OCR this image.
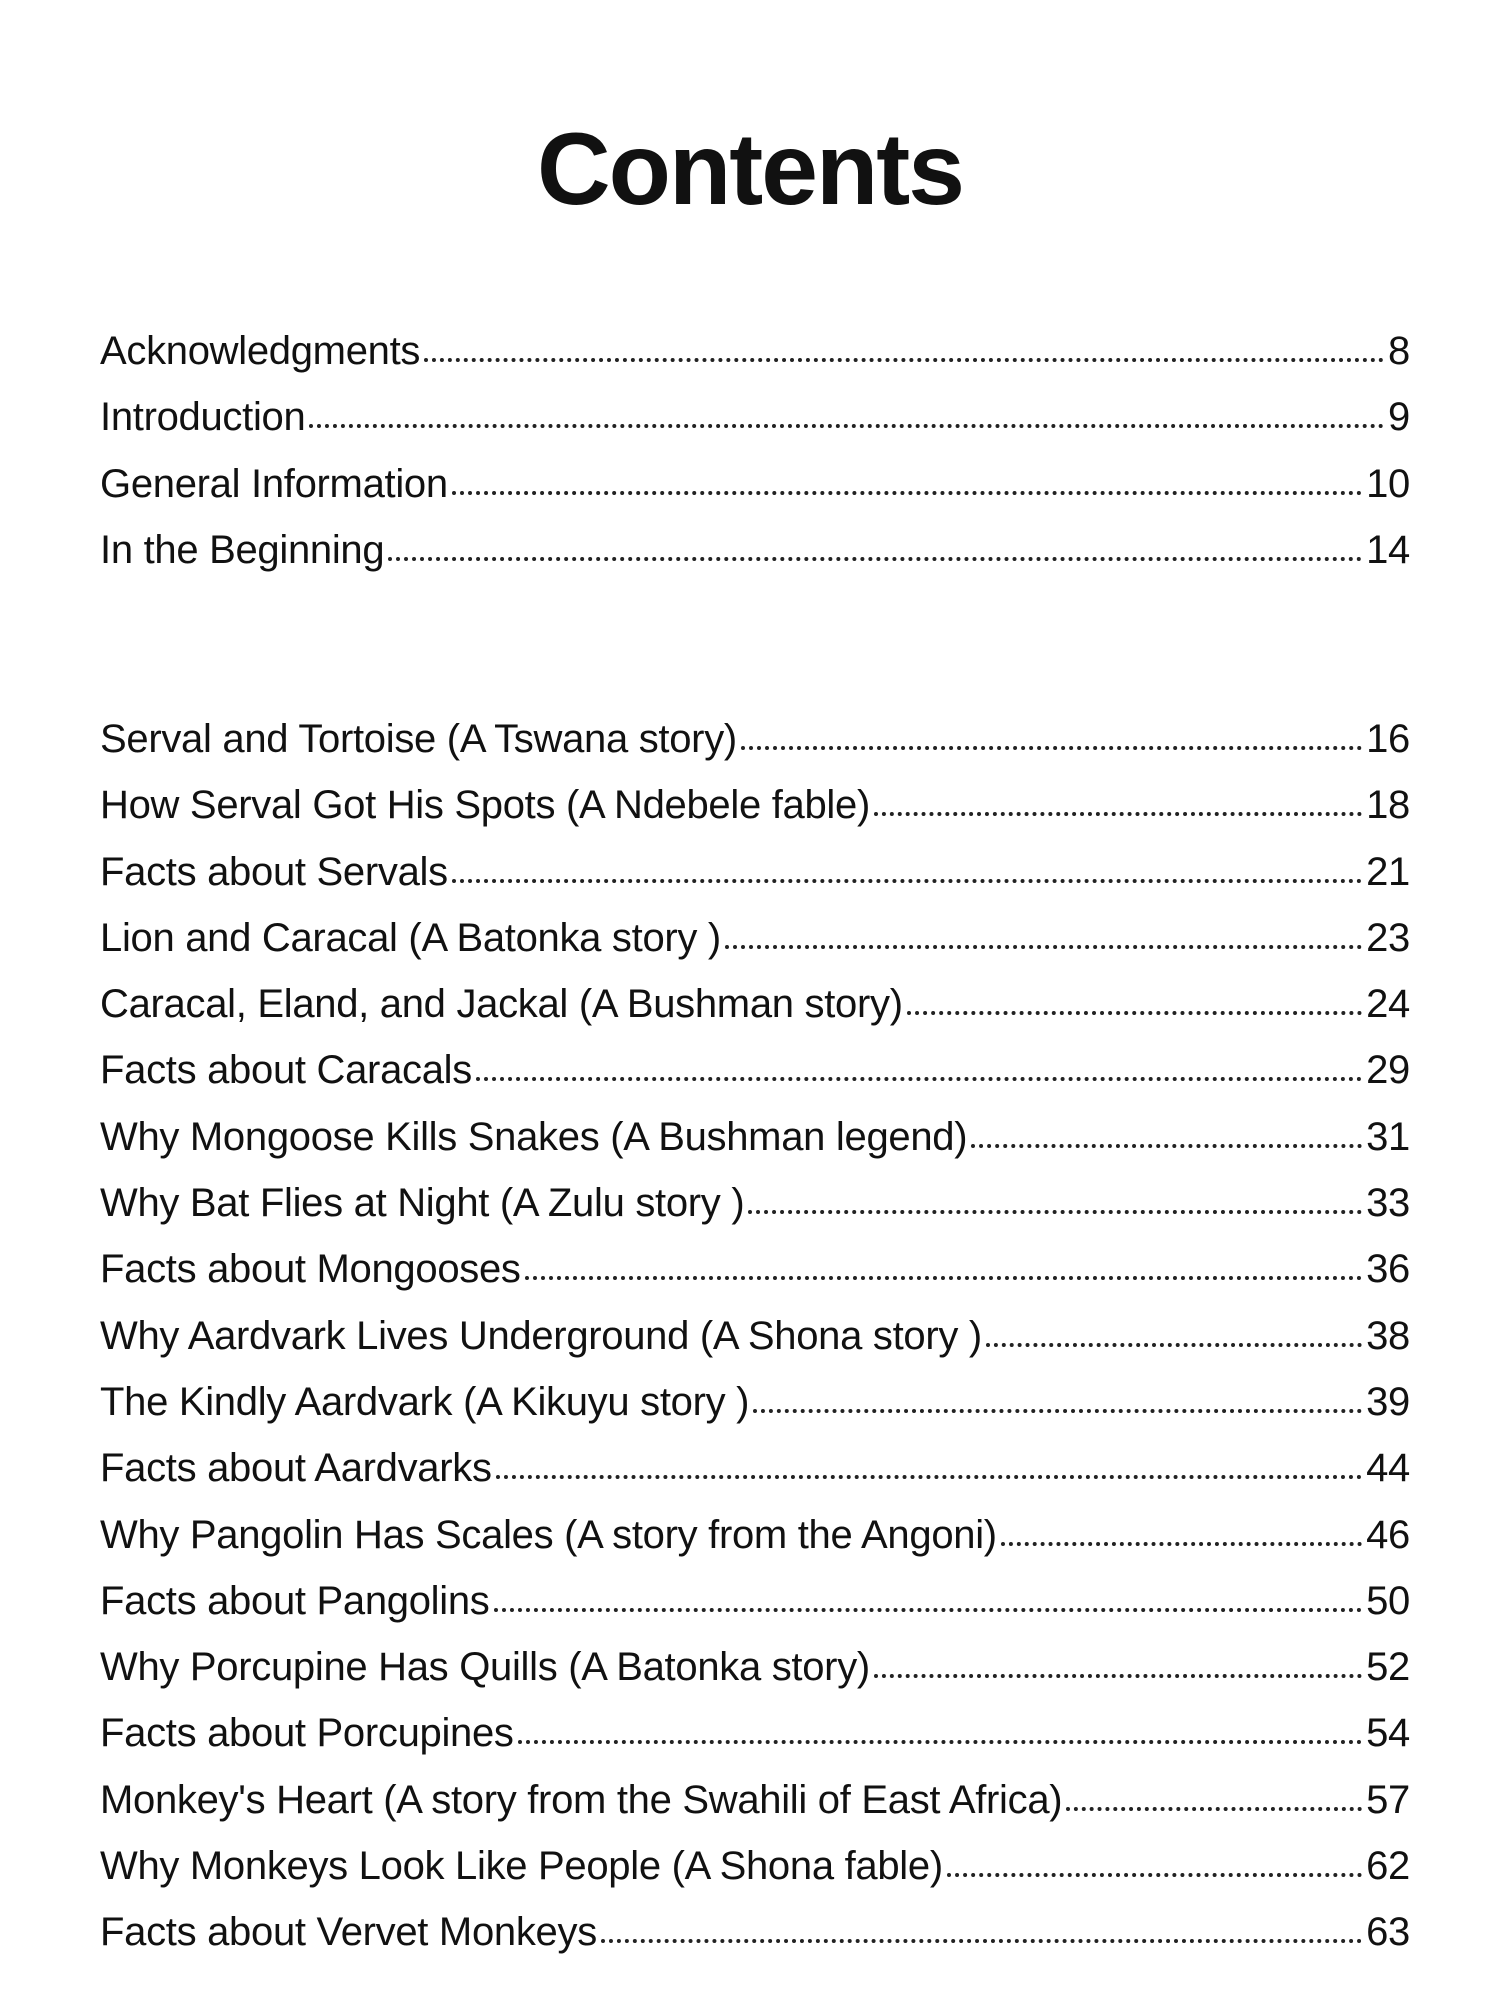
Contents
Acknowledgments	8
Introduction	9
General Information	10
In the Beginning	14
Serval and Tortoise (A Tswana story)	16
How Serval Got His Spots (A Ndebele fable)	18
Facts about Servals	21
Lion and Caracal (A Batonka story )	23
Caracal, Eland, and Jackal (A Bushman story)	24
Facts about Caracals	29
Why Mongoose Kills Snakes (A Bushman legend)	31
Why Bat Flies at Night (A Zulu story )	33
Facts about Mongooses	36
Why Aardvark Lives Underground (A Shona story )	38
The Kindly Aardvark (A Kikuyu story )	39
Facts about Aardvarks	44
Why Pangolin Has Scales (A story from the Angoni)	46
Facts about Pangolins	50
Why Porcupine Has Quills (A Batonka story)	52
Facts about Porcupines	54
Monkey's Heart (A story from the Swahili of East Africa)	57
Why Monkeys Look Like People (A Shona fable)	62
Facts about Vervet Monkeys	63
